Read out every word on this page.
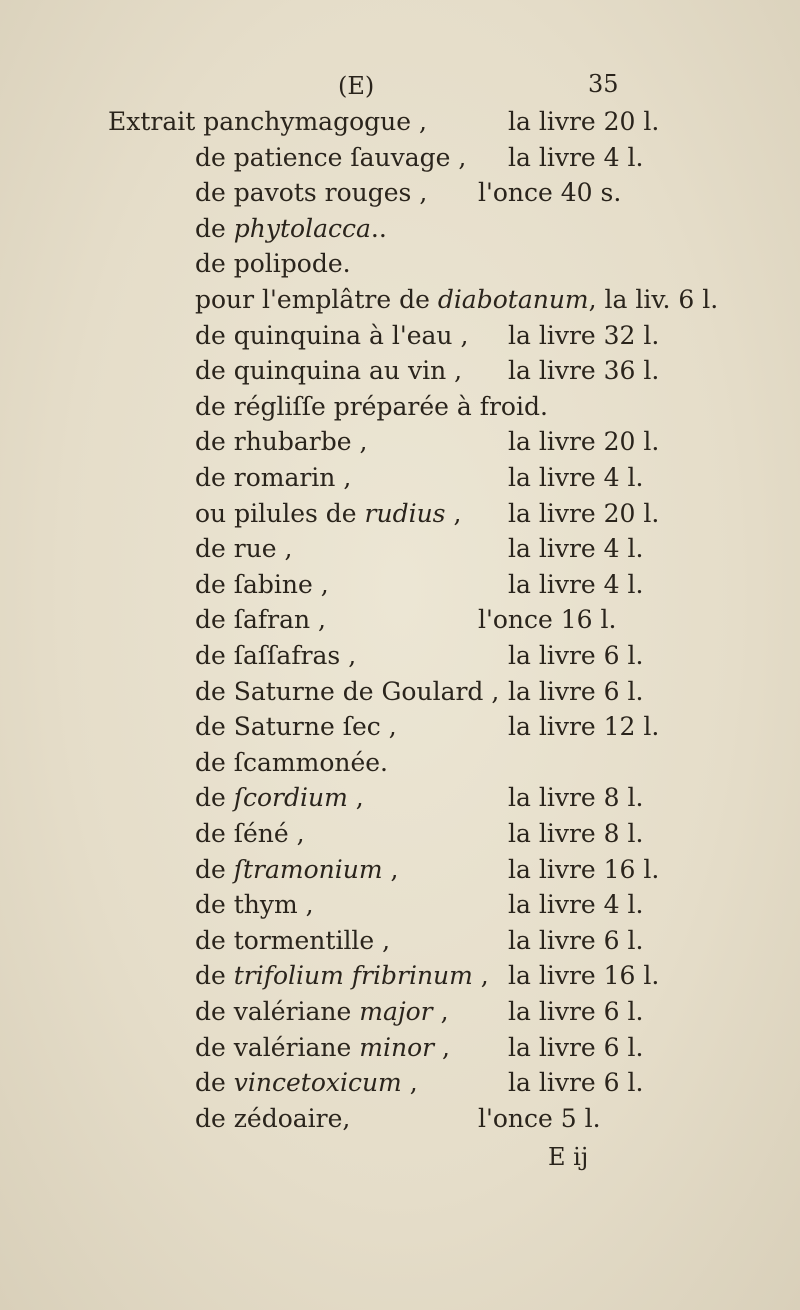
(E)	35
Extrait panchymagogue ,	la livre 20 l.
de patience ſauvage , la livre 4 l.
de pavots rouges , l'once 40 s.
de phytolacca..
de polipode.
pour l'emplâtre de diabotanum, la liv. 6 l.
de quinquina à l'eau , la livre 32 l.
de quinquina au vin , la livre 36 l.
de régliſſe préparée à froid.
de rhubarbe ,	la livre 20 l.
de romarin ,	la livre 4 l.
ou pilules de rudius , la livre 20 l.
de rue ,	la livre 4 l.
de ſabine ,	la livre 4 l.
de ſafran ,	l'once 16 l.
de ſaſſafras ,	la livre 6 l.
de Saturne de Goulard , la livre 6 l.
de Saturne ſec ,	la livre 12 l.
de ſcammonée.
de ſcordium ,	la livre 8 l.
de ſéné ,	la livre 8 l.
de ſtramonium ,	la livre 16 l.
de thym ,	la livre 4 l.
de tormentille ,	la livre 6 l.
de trifolium fribrinum , la livre 16 l.
de valériane major , la livre 6 l.
de valériane minor , la livre 6 l.
de vincetoxicum ,	la livre 6 l.
de zédoaire,	l'once 5 l.
E ij
